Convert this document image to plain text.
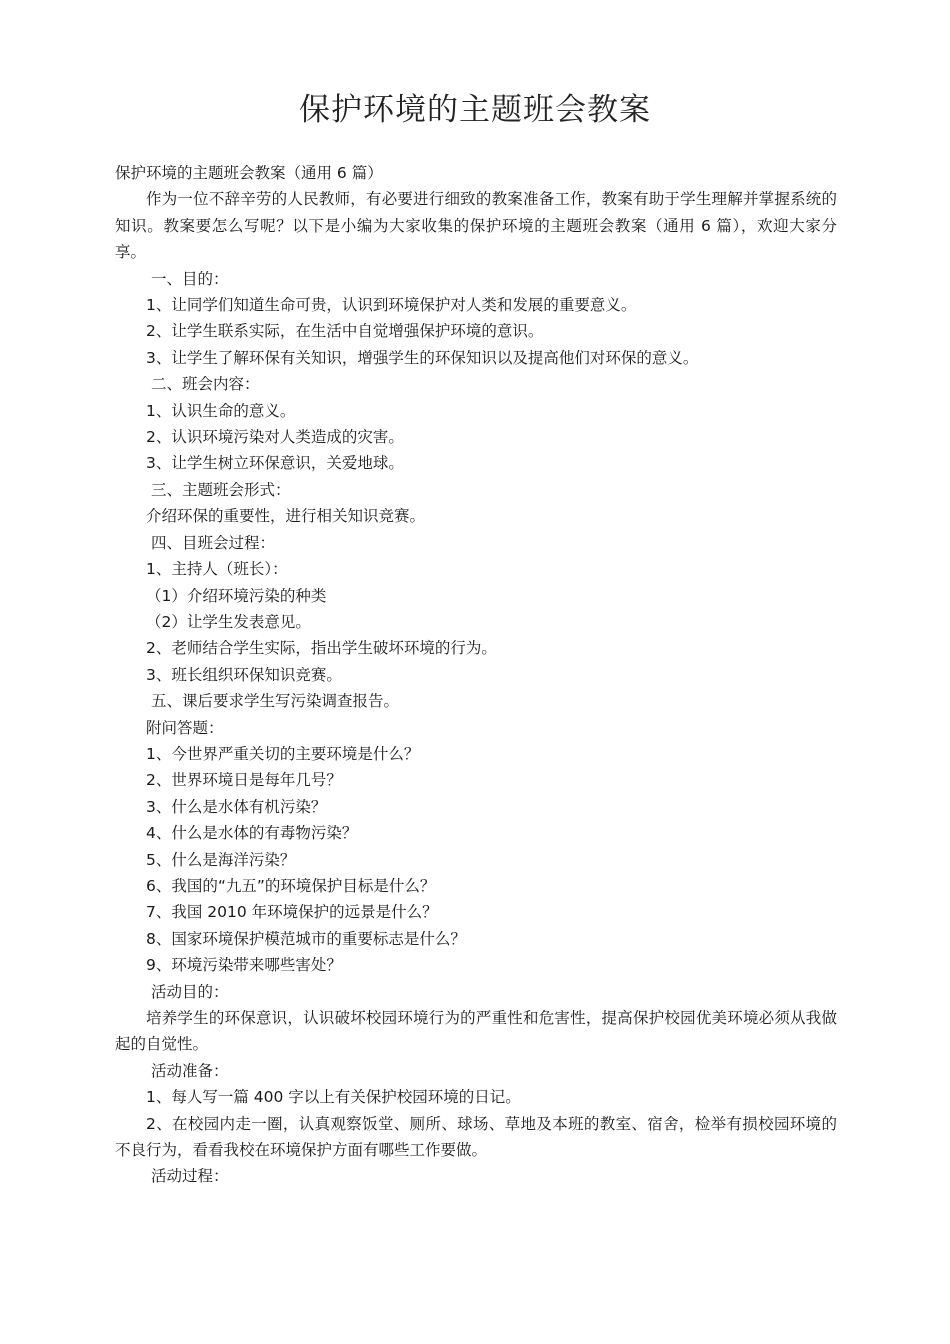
保护环境的主题班会教案

保护环境的主题班会教案（通用 6 篇）

作为一位不辞辛劳的人民教师，有必要进行细致的教案准备工作，教案有助于学生理解并掌握系统的知识。教案要怎么写呢？以下是小编为大家收集的保护环境的主题班会教案（通用 6 篇），欢迎大家分享。

一、目的：

1、让同学们知道生命可贵，认识到环境保护对人类和发展的重要意义。

2、让学生联系实际，在生活中自觉增强保护环境的意识。

3、让学生了解环保有关知识，增强学生的环保知识以及提高他们对环保的意义。

二、班会内容：

1、认识生命的意义。

2、认识环境污染对人类造成的灾害。

3、让学生树立环保意识，关爱地球。

三、主题班会形式：

介绍环保的重要性，进行相关知识竞赛。

四、目班会过程：

1、主持人（班长）：

（1）介绍环境污染的种类

（2）让学生发表意见。

2、老师结合学生实际，指出学生破坏环境的行为。

3、班长组织环保知识竞赛。

五、课后要求学生写污染调查报告。

附问答题：

1、今世界严重关切的主要环境是什么？

2、世界环境日是每年几号？

3、什么是水体有机污染？

4、什么是水体的有毒物污染？

5、什么是海洋污染？

6、我国的“九五”的环境保护目标是什么？

7、我国 2010 年环境保护的远景是什么？

8、国家环境保护模范城市的重要标志是什么？

9、环境污染带来哪些害处？

活动目的：

培养学生的环保意识，认识破坏校园环境行为的严重性和危害性，提高保护校园优美环境必须从我做起的自觉性。

活动准备：

1、每人写一篇 400 字以上有关保护校园环境的日记。

2、在校园内走一圈，认真观察饭堂、厕所、球场、草地及本班的教室、宿舍，检举有损校园环境的不良行为，看看我校在环境保护方面有哪些工作要做。

活动过程：
